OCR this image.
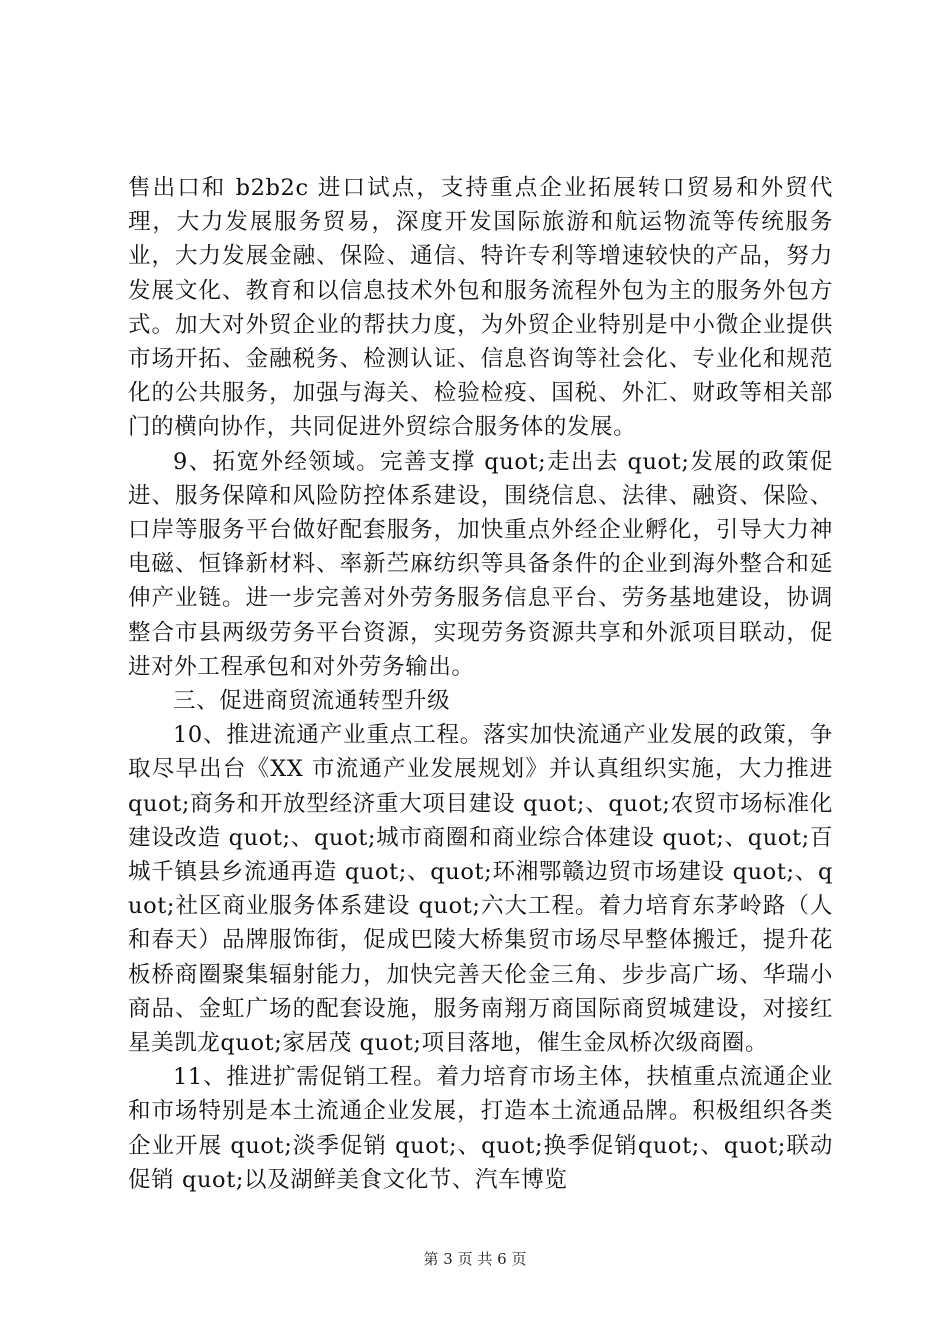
售出口和 b2b2c 进口试点，支持重点企业拓展转口贸易和外贸代理，大力发展服务贸易，深度开发国际旅游和航运物流等传统服务业，大力发展金融、保险、通信、特许专利等增速较快的产品，努力发展文化、教育和以信息技术外包和服务流程外包为主的服务外包方式。加大对外贸企业的帮扶力度，为外贸企业特别是中小微企业提供市场开拓、金融税务、检测认证、信息咨询等社会化、专业化和规范化的公共服务，加强与海关、检验检疫、国税、外汇、财政等相关部门的横向协作，共同促进外贸综合服务体的发展。

9、拓宽外经领域。完善支撑 quot;走出去 quot;发展的政策促进、服务保障和风险防控体系建设，围绕信息、法律、融资、保险、口岸等服务平台做好配套服务，加快重点外经企业孵化，引导大力神电磁、恒锋新材料、率新苎麻纺织等具备条件的企业到海外整合和延伸产业链。进一步完善对外劳务服务信息平台、劳务基地建设，协调整合市县两级劳务平台资源，实现劳务资源共享和外派项目联动，促进对外工程承包和对外劳务输出。

三、促进商贸流通转型升级

10、推进流通产业重点工程。落实加快流通产业发展的政策，争取尽早出台《XX 市流通产业发展规划》并认真组织实施，大力推进 quot;商务和开放型经济重大项目建设 quot;、quot;农贸市场标准化建设改造 quot;、quot;城市商圈和商业综合体建设 quot;、quot;百城千镇县乡流通再造 quot;、quot;环湘鄂赣边贸市场建设 quot;、quot;社区商业服务体系建设 quot;六大工程。着力培育东茅岭路（人和春天）品牌服饰街，促成巴陵大桥集贸市场尽早整体搬迁，提升花板桥商圈聚集辐射能力，加快完善天伦金三角、步步高广场、华瑞小商品、金虹广场的配套设施，服务南翔万商国际商贸城建设，对接红星美凯龙quot;家居茂 quot;项目落地，催生金凤桥次级商圈。

11、推进扩需促销工程。着力培育市场主体，扶植重点流通企业和市场特别是本土流通企业发展，打造本土流通品牌。积极组织各类企业开展 quot;淡季促销 quot;、quot;换季促销quot;、quot;联动促销 quot;以及湖鲜美食文化节、汽车博览

第 3 页 共 6 页
